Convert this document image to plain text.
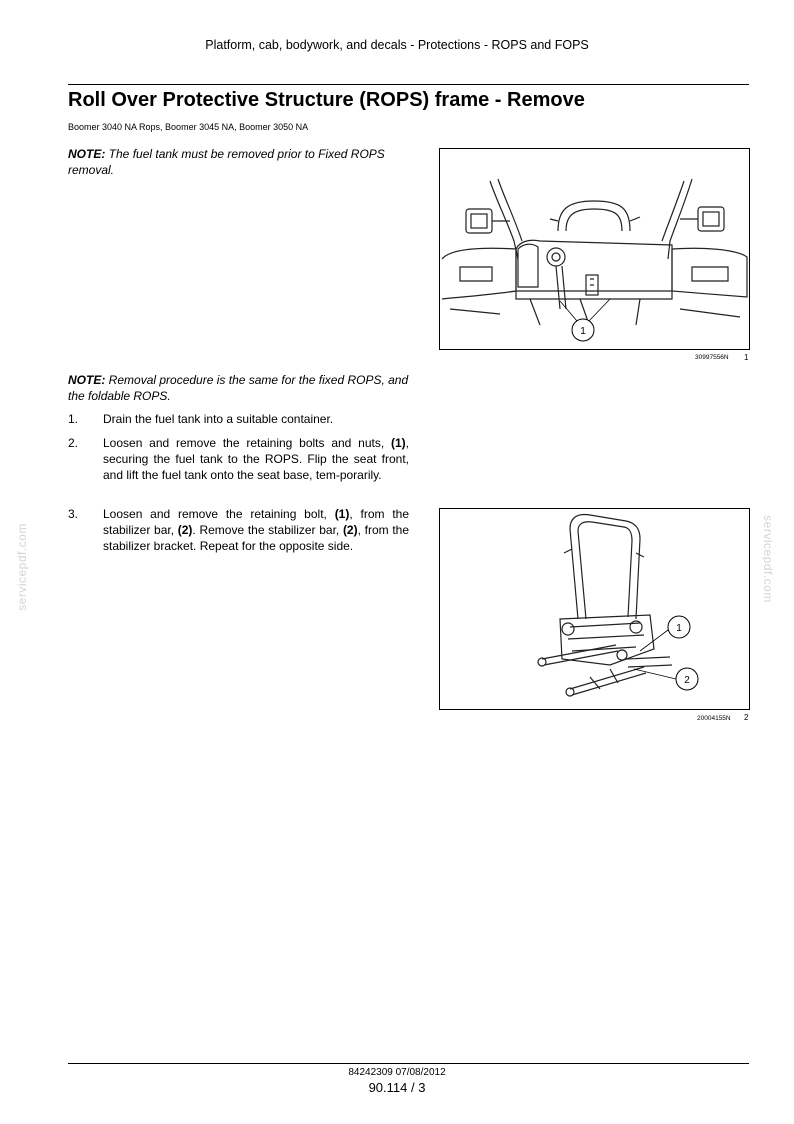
Platform, cab, bodywork, and decals - Protections - ROPS and FOPS
Roll Over Protective Structure (ROPS) frame - Remove
Boomer 3040 NA Rops, Boomer 3045 NA, Boomer 3050 NA
NOTE: The fuel tank must be removed prior to Fixed ROPS removal.
1
30997556N 1
NOTE: Removal procedure is the same for the fixed ROPS, and the foldable ROPS.
1. Drain the fuel tank into a suitable container.
2. Loosen and remove the retaining bolts and nuts, (1), securing the fuel tank to the ROPS. Flip the seat front, and lift the fuel tank onto the seat base, tem-porarily.
3. Loosen and remove the retaining bolt, (1), from the stabilizer bar, (2). Remove the stabilizer bar, (2), from the stabilizer bracket. Repeat for the opposite side.
1
2
20004155N 2
servicepdf.com	servicepdf.com
84242309 07/08/2012
90.114 / 3
